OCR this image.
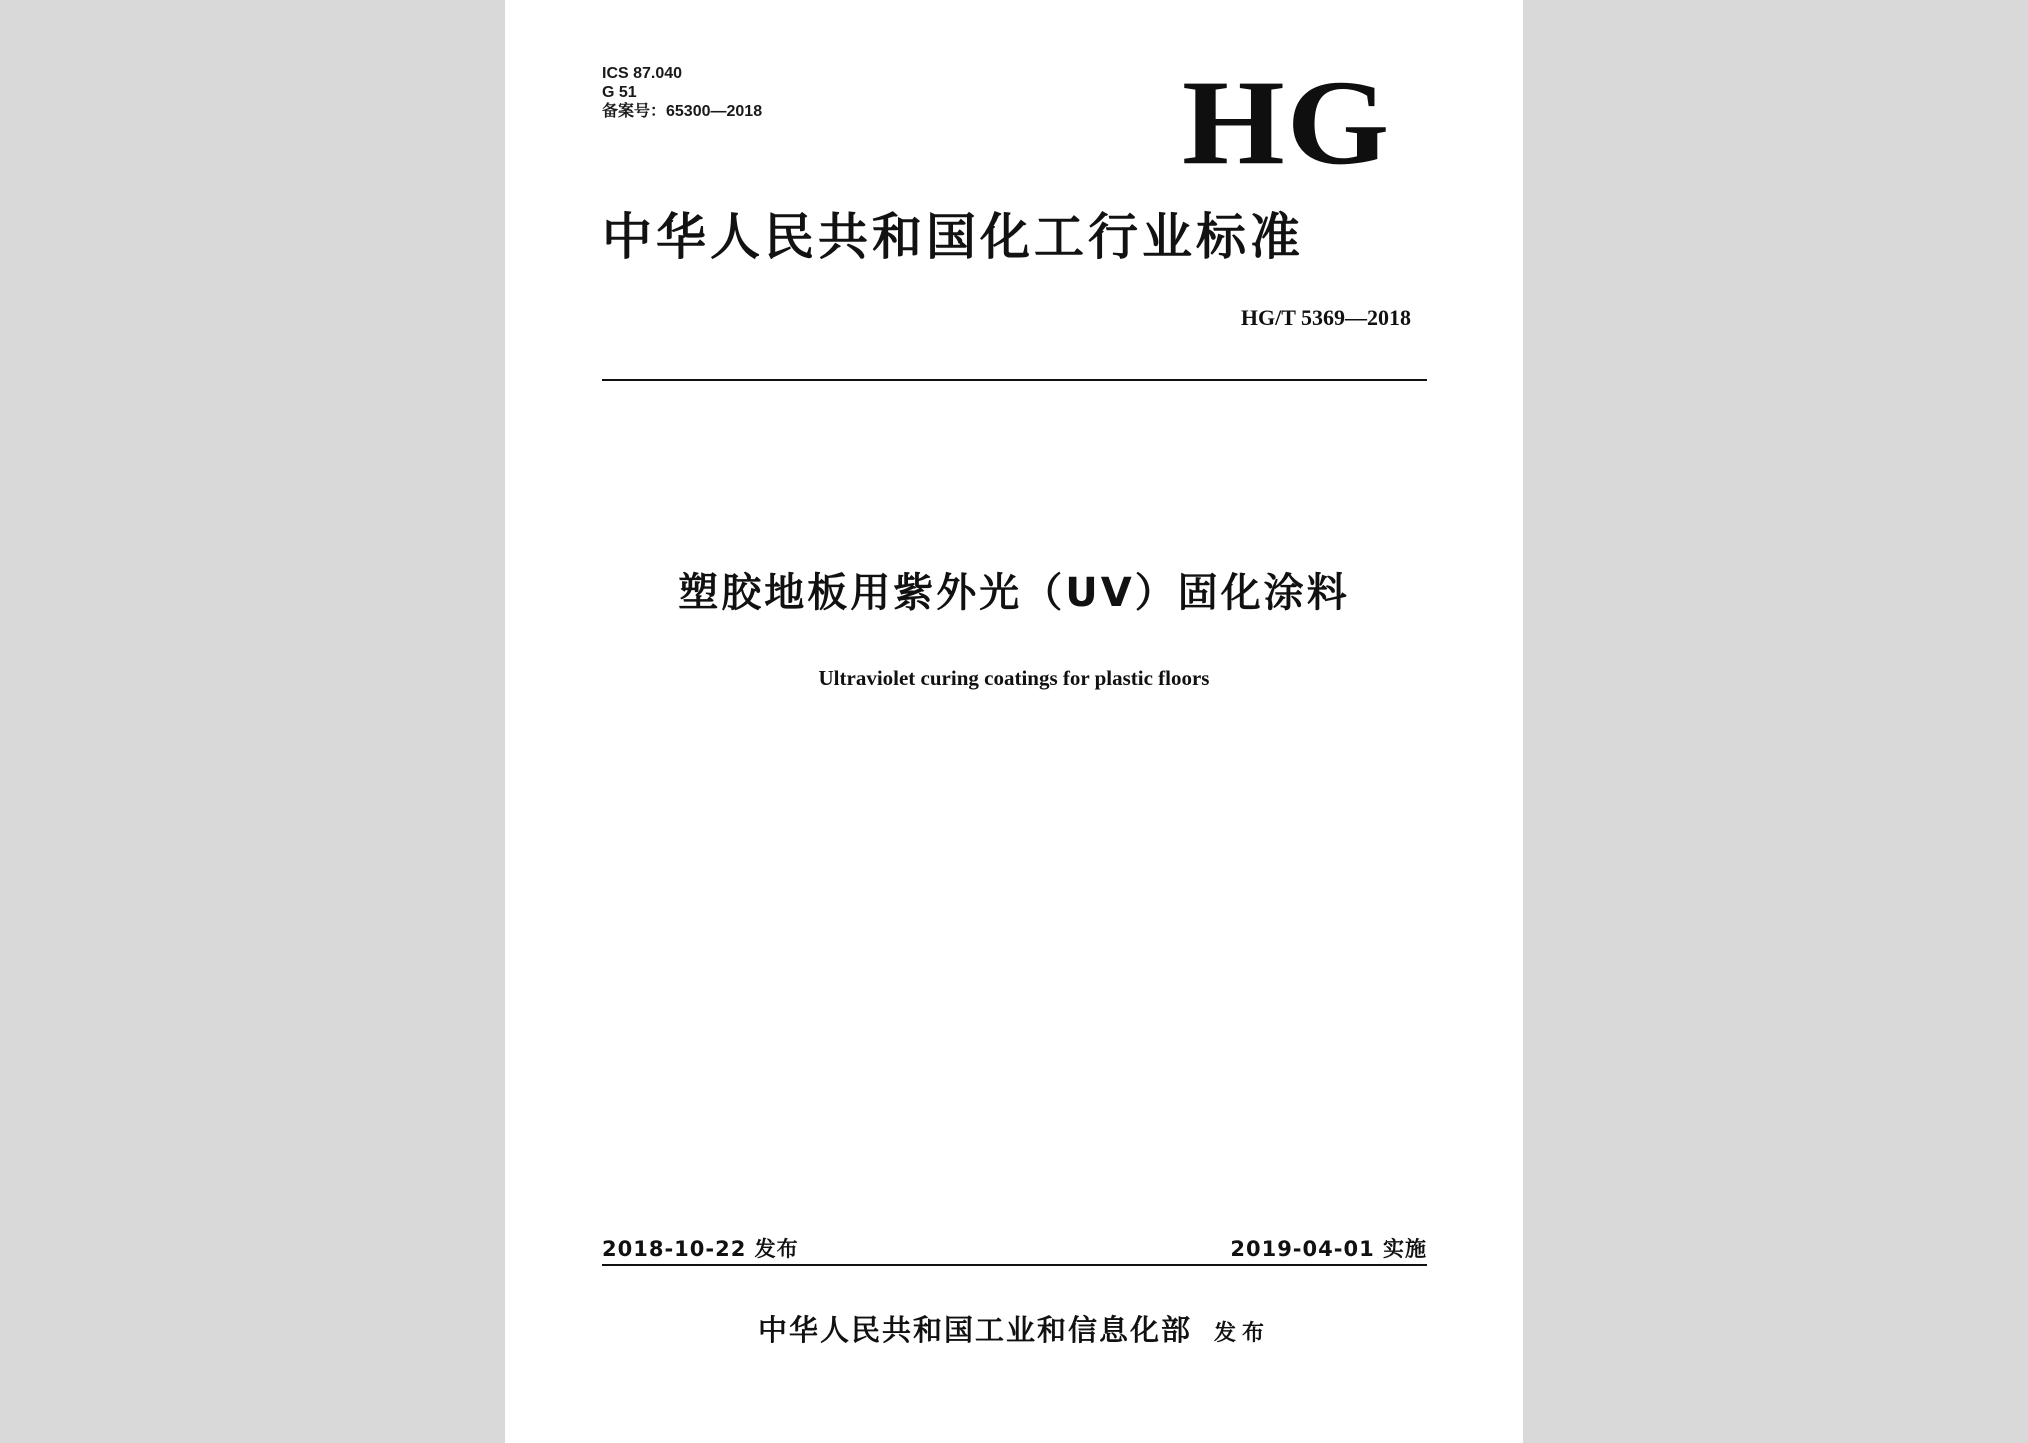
ICS 87.040
G 51
备案号：65300—2018	HG
中华人民共和国化工行业标准
HG/T 5369—2018
塑胶地板用紫外光（UV）固化涂料
Ultraviolet curing coatings for plastic floors
2018-10-22 发布	2019-04-01 实施
中华人民共和国工业和信息化部 发布
